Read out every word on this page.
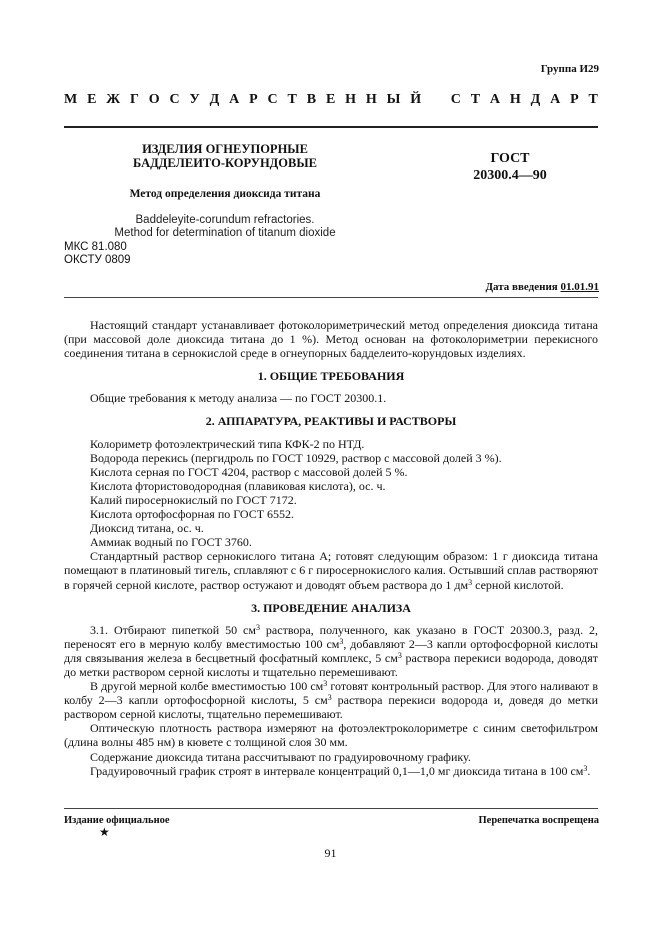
Группа И29
М Е Ж Г О С У Д А Р С Т В Е Н Н Ы Й С Т А Н Д А Р Т
ИЗДЕЛИЯ ОГНЕУПОРНЫЕ
БАДДЕЛЕИТО-КОРУНДОВЫЕ
Метод определения диоксида титана
Baddeleyite-corundum refractories.
Method for determination of titanum dioxide
ГОСТ
20300.4—90
МКС 81.080
ОКСТУ 0809
Дата введения 01.01.91

Настоящий стандарт устанавливает фотоколориметрический метод определения диоксида титана (при массовой доле диоксида титана до 1 %). Метод основан на фотоколориметрии перекисного соединения титана в сернокислой среде в огнеупорных бадделеито-корундовых изделиях.

1. ОБЩИЕ ТРЕБОВАНИЯ

Общие требования к методу анализа — по ГОСТ 20300.1.

2. АППАРАТУРА, РЕАКТИВЫ И РАСТВОРЫ

Колориметр фотоэлектрический типа КФК-2 по НТД.

Водорода перекись (пергидроль по ГОСТ 10929, раствор с массовой долей 3 %).

Кислота серная по ГОСТ 4204, раствор с массовой долей 5 %.

Кислота фтористоводородная (плавиковая кислота), ос. ч.

Калий пиросернокислый по ГОСТ 7172.

Кислота ортофосфорная по ГОСТ 6552.

Диоксид титана, ос. ч.

Аммиак водный по ГОСТ 3760.

Стандартный раствор сернокислого титана А; готовят следующим образом: 1 г диоксида титана помещают в платиновый тигель, сплавляют с 6 г пиросернокислого калия. Остывший сплав растворяют в горячей серной кислоте, раствор остужают и доводят объем раствора до 1 $дм^3$ серной кислотой.

3. ПРОВЕДЕНИЕ АНАЛИЗА

3.1. Отбирают пипеткой 50 $см^3$ раствора, полученного, как указано в ГОСТ 20300.3, разд. 2, переносят его в мерную колбу вместимостью 100 $см^3$, добавляют 2—3 капли ортофосфорной кислоты для связывания железа в бесцветный фосфатный комплекс, 5 $см^3$ раствора перекиси водорода, доводят до метки раствором серной кислоты и тщательно перемешивают.

В другой мерной колбе вместимостью 100 $см^3$ готовят контрольный раствор. Для этого наливают в колбу 2—3 капли ортофосфорной кислоты, 5 $см^3$ раствора перекиси водорода и, доведя до метки раствором серной кислоты, тщательно перемешивают.

Оптическую плотность раствора измеряют на фотоэлектроколориметре с синим светофильтром (длина волны 485 нм) в кювете с толщиной слоя 30 мм.

Содержание диоксида титана рассчитывают по градуировочному графику.

Градуировочный график строят в интервале концентраций 0,1—1,0 мг диоксида титана в 100 $см^3$.

Издание официальное
★
Перепечатка воспрещена
91
